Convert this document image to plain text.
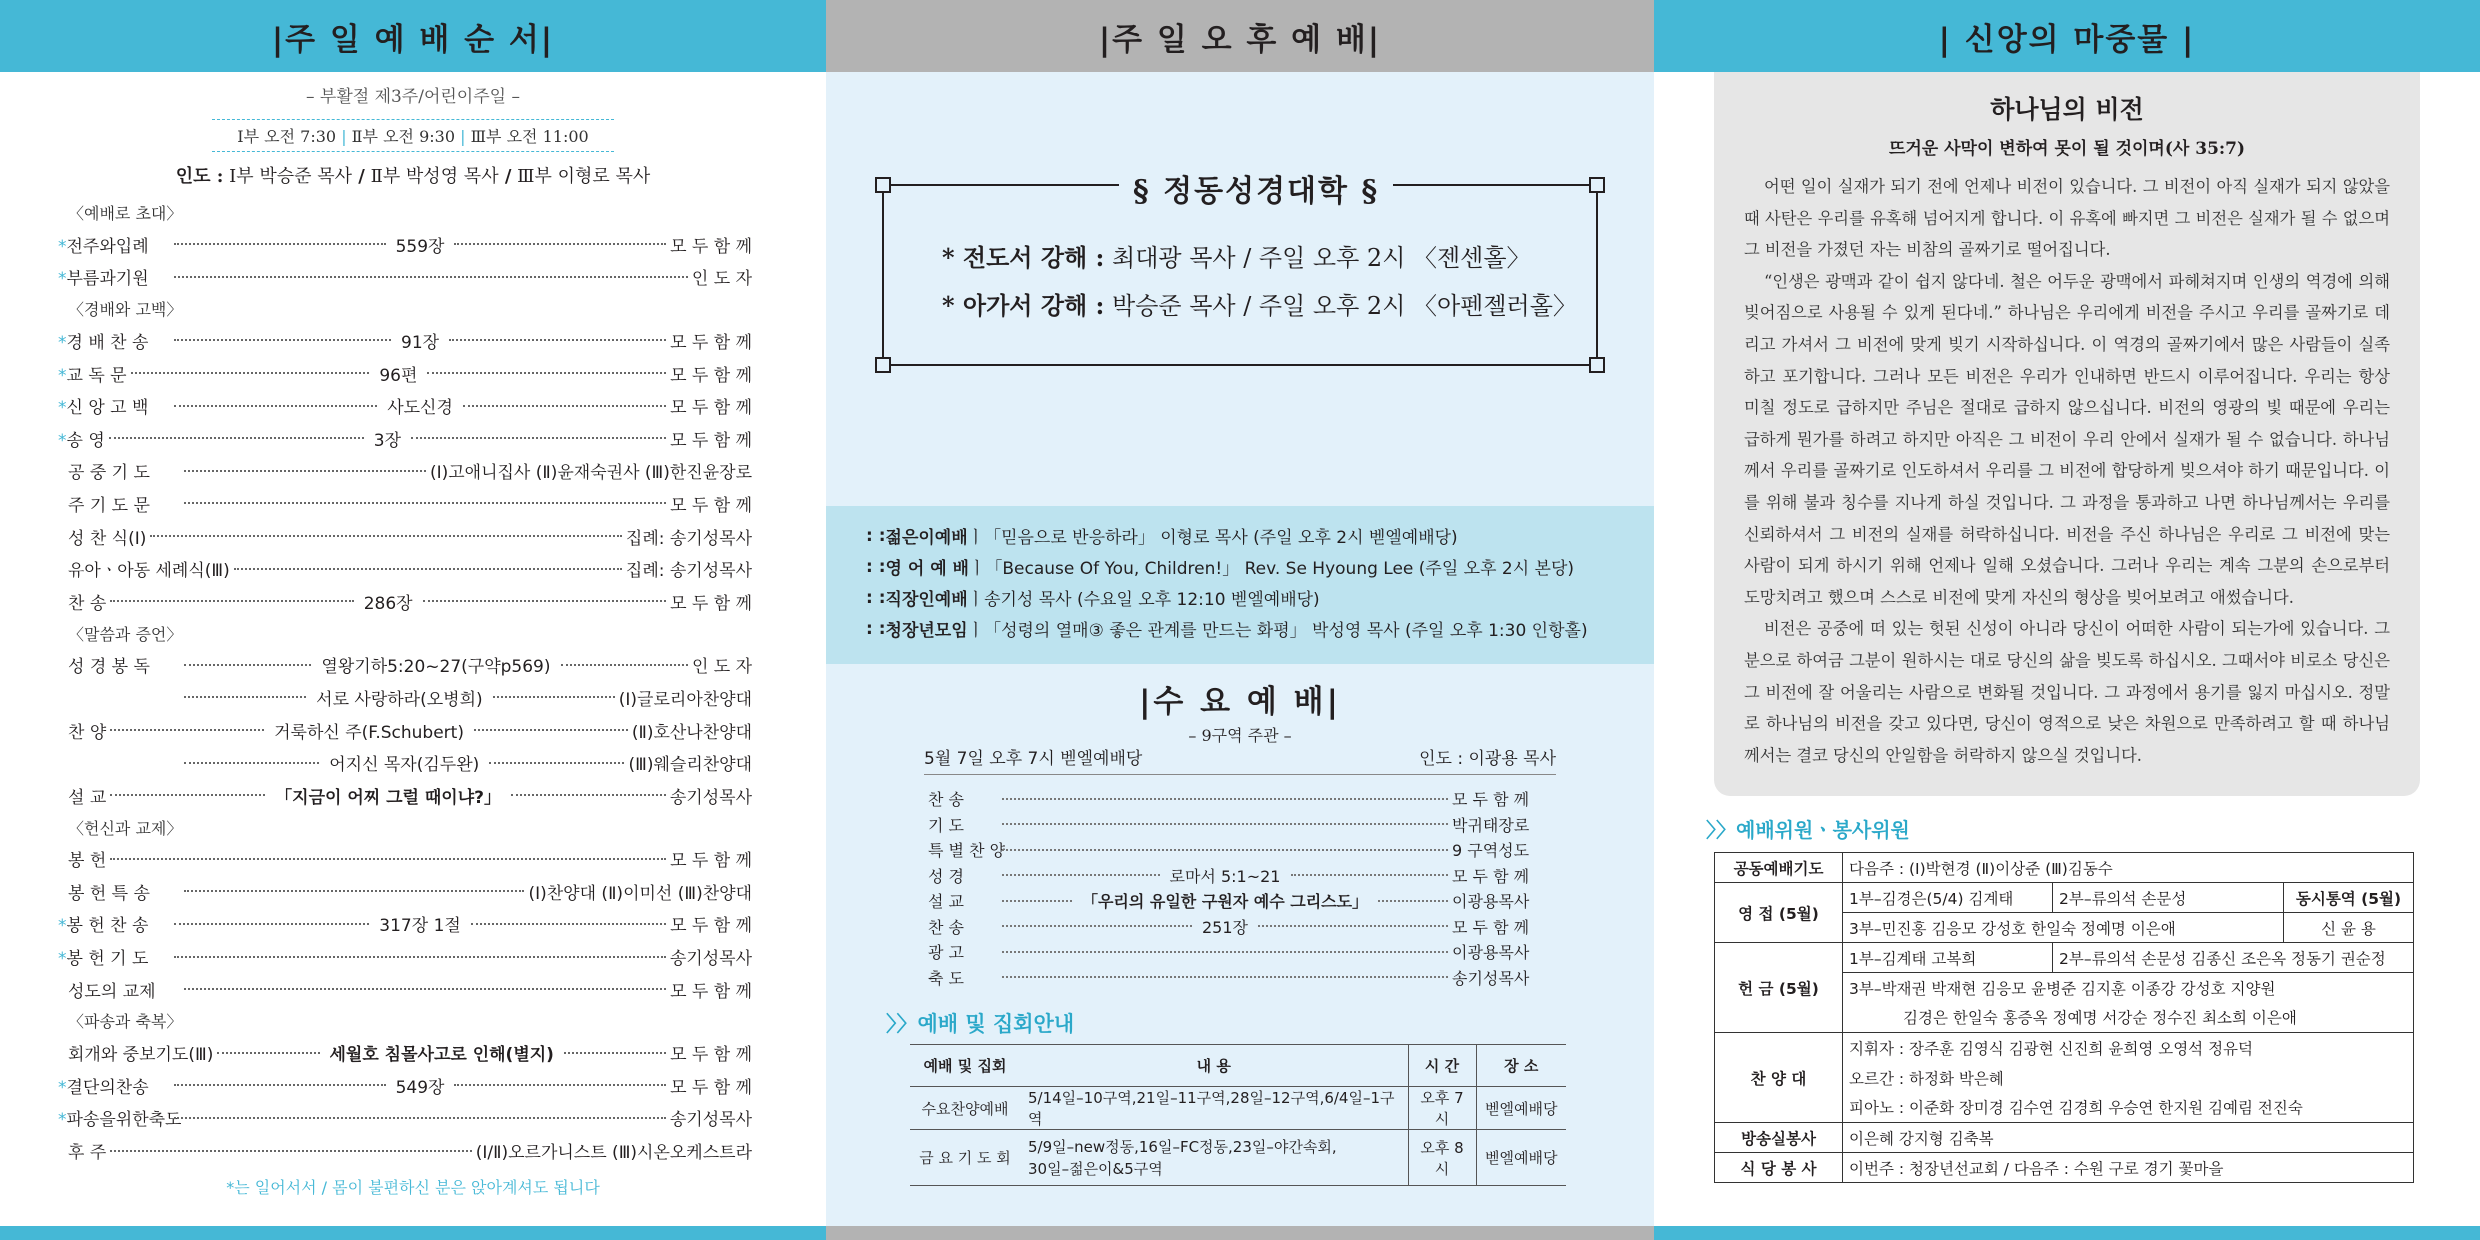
|주 일 예 배 순 서|
– 부활절 제3주/어린이주일 –
Ⅰ부 오전 7:30 | Ⅱ부 오전 9:30 | Ⅲ부 오전 11:00
인도 : Ⅰ부 박승준 목사 / Ⅱ부 박성영 목사 / Ⅲ부 이형로 목사
〈예배로 초대〉
*전주와입례	559장	모 두 함 께
*부름과기원	인 도 자
〈경배와 고백〉
*경 배 찬 송	91장	모 두 함 께
*교 독 문	96편	모 두 함 께
*신 앙 고 백	사도신경	모 두 함 께
*송 영	3장	모 두 함 께
공 중 기 도	(Ⅰ)고애니집사 (Ⅱ)윤재숙권사 (Ⅲ)한진윤장로
주 기 도 문	모 두 함 께
성 찬 식(Ⅰ)	집례: 송기성목사
유아ㆍ아동 세례식(Ⅲ)	집례: 송기성목사
찬 송	286장	모 두 함 께
〈말씀과 증언〉
성 경 봉 독	열왕기하5:20~27(구약p569)	인 도 자
서로 사랑하라(오병희)	(Ⅰ)글로리아찬양대
찬 양	거룩하신 주(F.Schubert)	(Ⅱ)호산나찬양대
어지신 목자(김두완)	(Ⅲ)웨슬리찬양대
설 교	「지금이 어찌 그럴 때이냐?」	송기성목사
〈헌신과 교제〉
봉 헌	모 두 함 께
봉 헌 특 송	(Ⅰ)찬양대 (Ⅱ)이미선 (Ⅲ)찬양대
*봉 헌 찬 송	317장 1절	모 두 함 께
*봉 헌 기 도	송기성목사
성도의 교제	모 두 함 께
〈파송과 축복〉
회개와 중보기도(Ⅲ)	세월호 침몰사고로 인해(별지)	모 두 함 께
*결단의찬송	549장	모 두 함 께
*파송을위한축도	송기성목사
후 주	(Ⅰ/Ⅱ)오르가니스트 (Ⅲ)시온오케스트라
*는 일어서서 / 몸이 불편하신 분은 앉아계셔도 됩니다
|주 일 오 후 예 배|
§ 정동성경대학 §
* 전도서 강해 : 최대광 목사 / 주일 오후 2시 〈젠센홀〉
* 아가서 강해 : 박승준 목사 / 주일 오후 2시 〈아펜젤러홀〉
: : 젊은이예배 ㅣ「믿음으로 반응하라」 이형로 목사 (주일 오후 2시 벧엘예배당)
: : 영 어 예 배 ㅣ「Because Of You, Children!」 Rev. Se Hyoung Lee (주일 오후 2시 본당)
: : 직장인예배 ㅣ송기성 목사 (수요일 오후 12:10 벧엘예배당)
: : 청장년모임 ㅣ「성령의 열매③ 좋은 관계를 만드는 화평」 박성영 목사 (주일 오후 1:30 인항홀)
|수 요 예 배|
– 9구역 주관 –
5월 7일 오후 7시 벧엘예배당	인도 : 이광용 목사
찬 송	모 두 함 께
기 도	박귀태장로
특 별 찬 양	9 구역성도
성 경	로마서 5:1~21	모 두 함 께
설 교	「우리의 유일한 구원자 예수 그리스도」	이광용목사
찬 송	251장	모 두 함 께
광 고	이광용목사
축 도	송기성목사
〉〉예배 및 집회안내
예배 및 집회	내 용	시 간	장 소
수요찬양예배	5/14일–10구역,21일–11구역,28일–12구역,6/4일–1구역	오후 7시	벧엘예배당
금 요 기 도 회	5/9일–new정동,16일–FC정동,23일–야간속회,
30일–젊은이&5구역	오후 8시	벧엘예배당
| 신앙의 마중물 |
하나님의 비전
뜨거운 사막이 변하여 못이 될 것이며(사 35:7)

어떤 일이 실재가 되기 전에 언제나 비전이 있습니다. 그 비전이 아직 실재가 되지 않았을 때 사탄은 우리를 유혹해 넘어지게 합니다. 이 유혹에 빠지면 그 비전은 실재가 될 수 없으며 그 비전을 가졌던 자는 비참의 골짜기로 떨어집니다.

“인생은 광맥과 같이 쉽지 않다네. 철은 어두운 광맥에서 파헤쳐지며 인생의 역경에 의해 빚어짐으로 사용될 수 있게 된다네.” 하나님은 우리에게 비전을 주시고 우리를 골짜기로 데리고 가셔서 그 비전에 맞게 빚기 시작하십니다. 이 역경의 골짜기에서 많은 사람들이 실족하고 포기합니다. 그러나 모든 비전은 우리가 인내하면 반드시 이루어집니다. 우리는 항상 미칠 정도로 급하지만 주님은 절대로 급하지 않으십니다. 비전의 영광의 빛 때문에 우리는 급하게 뭔가를 하려고 하지만 아직은 그 비전이 우리 안에서 실재가 될 수 없습니다. 하나님께서 우리를 골짜기로 인도하셔서 우리를 그 비전에 합당하게 빚으셔야 하기 때문입니다. 이를 위해 불과 칭수를 지나게 하실 것입니다. 그 과정을 통과하고 나면 하나님께서는 우리를 신뢰하셔서 그 비전의 실재를 허락하십니다. 비전을 주신 하나님은 우리로 그 비전에 맞는 사람이 되게 하시기 위해 언제나 일해 오셨습니다. 그러나 우리는 계속 그분의 손으로부터 도망치려고 했으며 스스로 비전에 맞게 자신의 형상을 빚어보려고 애썼습니다.

비전은 공중에 떠 있는 헛된 신성이 아니라 당신이 어떠한 사람이 되는가에 있습니다. 그분으로 하여금 그분이 원하시는 대로 당신의 삶을 빚도록 하십시오. 그때서야 비로소 당신은 그 비전에 잘 어울리는 사람으로 변화될 것입니다. 그 과정에서 용기를 잃지 마십시오. 정말로 하나님의 비전을 갖고 있다면, 당신이 영적으로 낮은 차원으로 만족하려고 할 때 하나님께서는 결코 당신의 안일함을 허락하지 않으실 것입니다.

〉〉예배위원ㆍ봉사위원
공동예배기도	다음주 : (Ⅰ)박현경 (Ⅱ)이상준 (Ⅲ)김동수		
영 접 (5월)	1부–김경은(5/4) 김계태	2부–류의석 손문성	동시통역 (5월)
	3부–민진홍 김응모 강성호 한일숙 정예명 이은애		신 윤 용
헌 금 (5월)	1부–김계태 고복희	2부–류의석 손문성 김종신 조은옥 정동기 권순정	
	3부–박재권 박재현 김응모 윤병준 김지훈 이종강 강성호 지양원		
	김경은 한일숙 홍증옥 정예명 서강순 정수진 최소희 이은애		
찬 양 대	지휘자 : 장주훈 김영식 김광현 신진희 윤희영 오영석 정유덕		
	오르간 : 하정화 박은혜		
	피아노 : 이준화 장미경 김수연 김경희 우승연 한지원 김예림 전진숙		
방송실봉사	이은혜 강지형 김축복		
식 당 봉 사	이번주 : 청장년선교회 / 다음주 : 수원 구로 경기 꽃마을		
